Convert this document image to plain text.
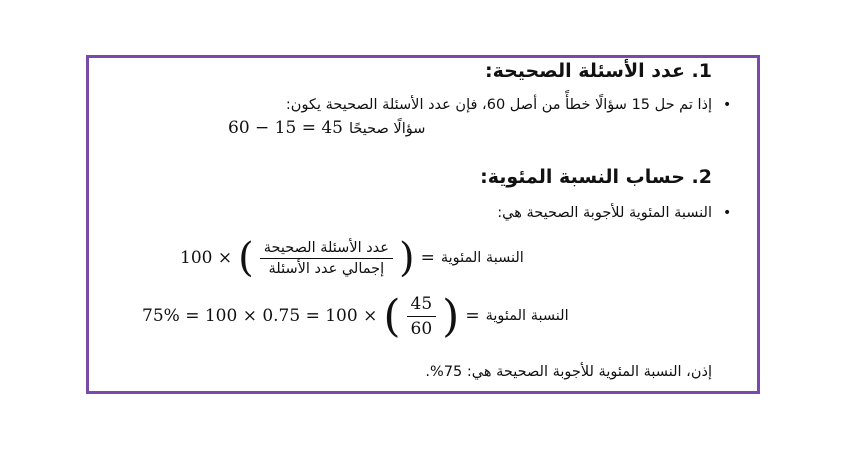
1. عدد الأسئلة الصحيحة:
•
إذا تم حل 15 سؤالًا خطأً من أصل 60، فإن عدد الأسئلة الصحيحة يكون:
60 − 15 = 45 سؤالًا صحيحًا
2. حساب النسبة المئوية:
•
النسبة المئوية للأجوبة الصحيحة هي:
100 × ( $\frac{\text{عدد الأسئلة الصحيحة}}{\text{إجمالي عدد الأسئلة}}$ ) = النسبة المئوية
75% = 100 × 0.75 = 100 × ( $\frac{45}{60}$ ) = النسبة المئوية
إذن، النسبة المئوية للأجوبة الصحيحة هي: 75%.
